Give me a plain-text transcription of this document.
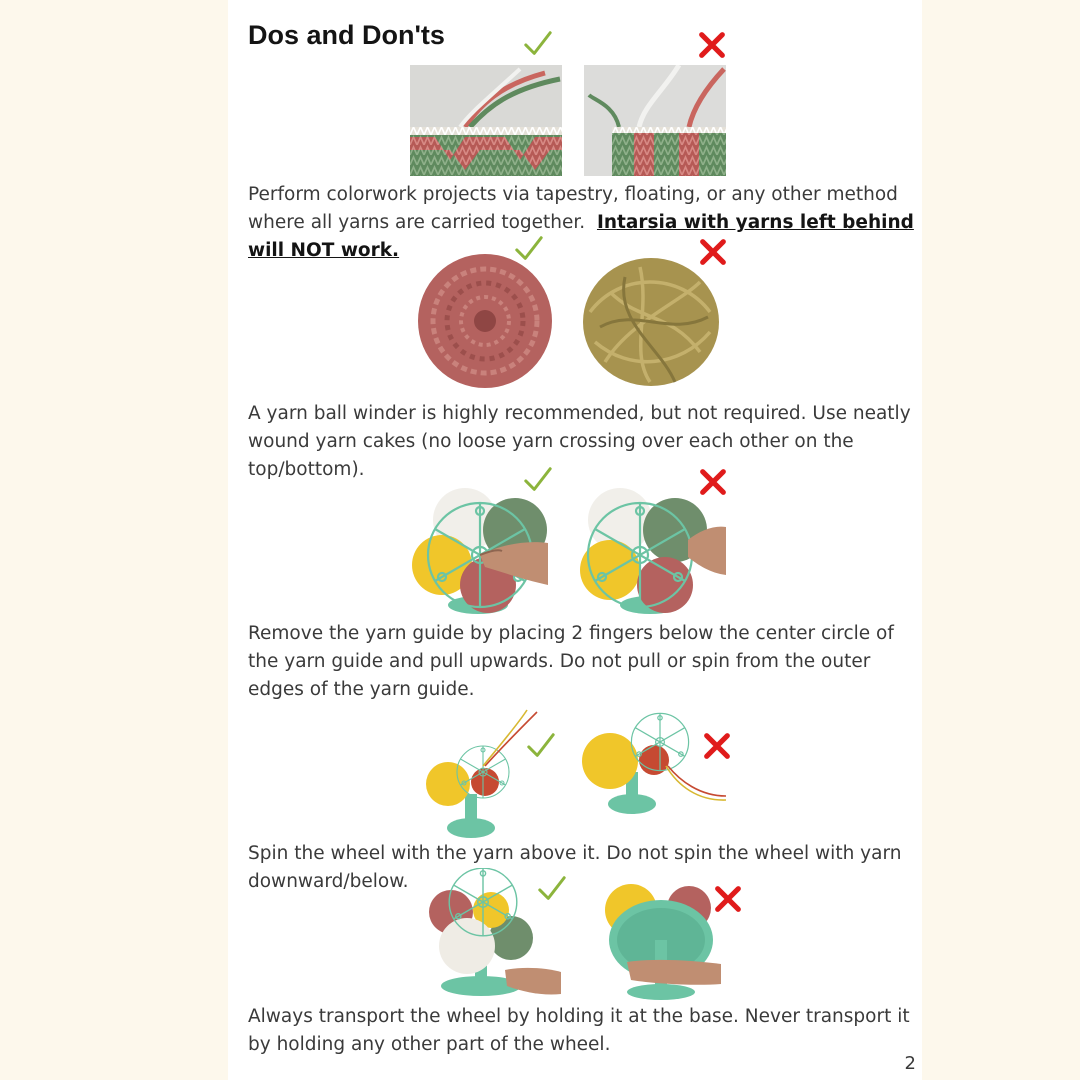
Dos and Don'ts

Perform colorwork projects via tapestry, floating, or any other method where all yarns are carried together. Intarsia with yarns left behind will NOT work.

A yarn ball winder is highly recommended, but not required. Use neatly wound yarn cakes (no loose yarn crossing over each other on the top/bottom).

Remove the yarn guide by placing 2 fingers below the center circle of the yarn guide and pull upwards. Do not pull or spin from the outer edges of the yarn guide.

Spin the wheel with the yarn above it. Do not spin the wheel with yarn downward/below.

Always transport the wheel by holding it at the base. Never transport it by holding any other part of the wheel.

2
